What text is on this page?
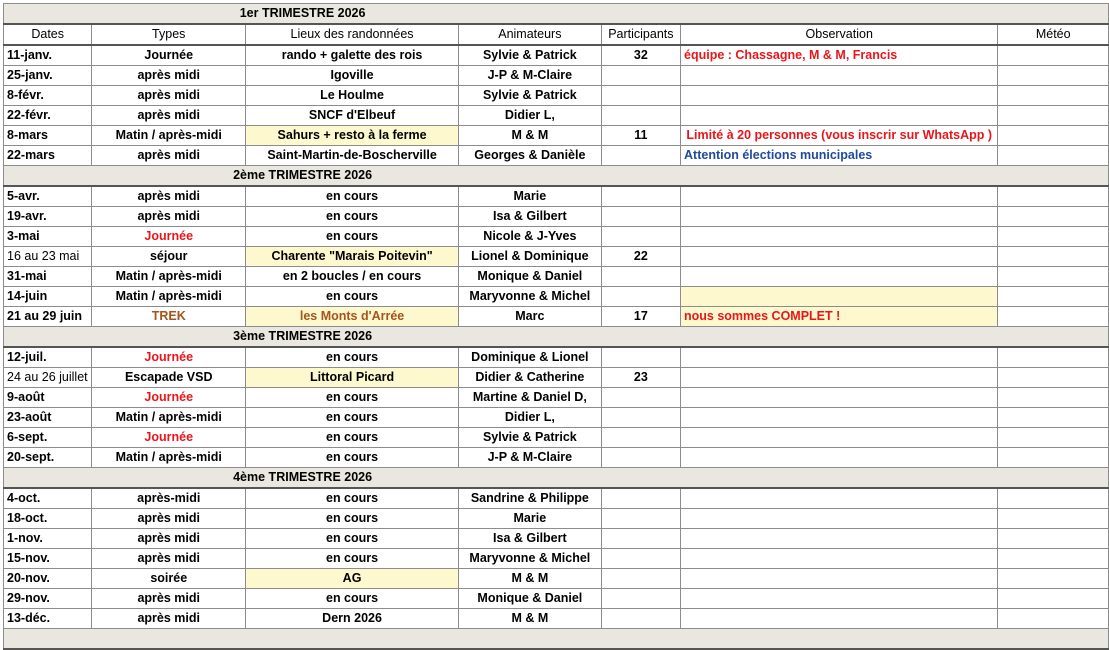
1er TRIMESTRE 2026						
Dates	Types	Lieux des randonnées	Animateurs	Participants	Observation	Météo
11-janv.	Journée	rando + galette des rois	Sylvie & Patrick	32	équipe : Chassagne, M & M, Francis	
25-janv.	après midi	Igoville	J-P & M-Claire			
8-févr.	après midi	Le Houlme	Sylvie & Patrick			
22-févr.	après midi	SNCF d'Elbeuf	Didier L,			
8-mars	Matin / après-midi	Sahurs + resto à la ferme	M & M	11	Limité à 20 personnes (vous inscrir sur WhatsApp )	
22-mars	après midi	Saint-Martin-de-Boscherville	Georges & Danièle		Attention élections municipales	
2ème TRIMESTRE 2026						
5-avr.	après midi	en cours	Marie			
19-avr.	après midi	en cours	Isa & Gilbert			
3-mai	Journée	en cours	Nicole & J-Yves			
16 au 23 mai	séjour	Charente "Marais Poitevin"	Lionel & Dominique	22		
31-mai	Matin / après-midi	en 2 boucles / en cours	Monique & Daniel			
14-juin	Matin / après-midi	en cours	Maryvonne & Michel			
21 au 29 juin	TREK	les Monts d'Arrée	Marc	17	nous sommes COMPLET !	
3ème TRIMESTRE 2026						
12-juil.	Journée	en cours	Dominique & Lionel			
24 au 26 juillet	Escapade VSD	Littoral Picard	Didier & Catherine	23		
9-août	Journée	en cours	Martine & Daniel D,			
23-août	Matin / après-midi	en cours	Didier L,			
6-sept.	Journée	en cours	Sylvie & Patrick			
20-sept.	Matin / après-midi	en cours	J-P & M-Claire			
4ème TRIMESTRE 2026						
4-oct.	après-midi	en cours	Sandrine & Philippe			
18-oct.	après midi	en cours	Marie			
1-nov.	après midi	en cours	Isa & Gilbert			
15-nov.	après midi	en cours	Maryvonne & Michel			
20-nov.	soirée	AG	M & M			
29-nov.	après midi	en cours	Monique & Daniel			
13-déc.	après midi	Dern 2026	M & M			
